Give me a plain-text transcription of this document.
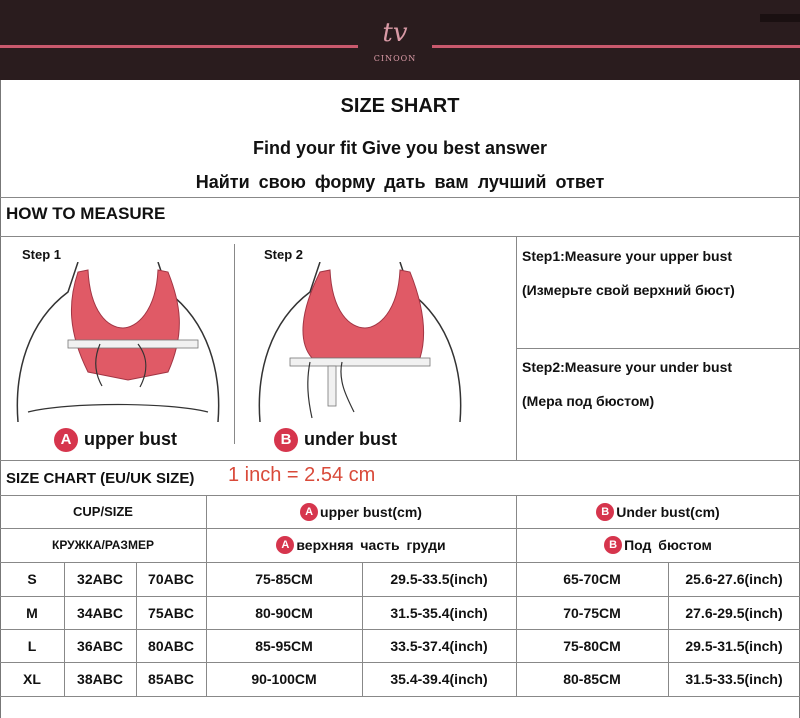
tv
CINOON
SIZE SHART
Find your fit Give you best answer
Найти свою форму дать вам лучший ответ
HOW TO MEASURE
Step 1	Step 2
A upper bust	B under bust
Step1:Measure your upper bust
(Измерьте свой верхний бюст)
Step2:Measure your under bust
(Мера под бюстом)
SIZE CHART (EU/UK SIZE) 1 inch = 2.54 cm
CUP/SIZE	A upper bust(cm)	B Under bust(cm)
КРУЖКА/РАЗМЕР	A верхняя часть груди	B Под бюстом
S	32ABC	70ABC	75-85CM	29.5-33.5(inch)	65-70CM	25.6-27.6(inch)
M	34ABC	75ABC	80-90CM	31.5-35.4(inch)	70-75CM	27.6-29.5(inch)
L	36ABC	80ABC	85-95CM	33.5-37.4(inch)	75-80CM	29.5-31.5(inch)
XL	38ABC	85ABC	90-100CM	35.4-39.4(inch)	80-85CM	31.5-33.5(inch)
